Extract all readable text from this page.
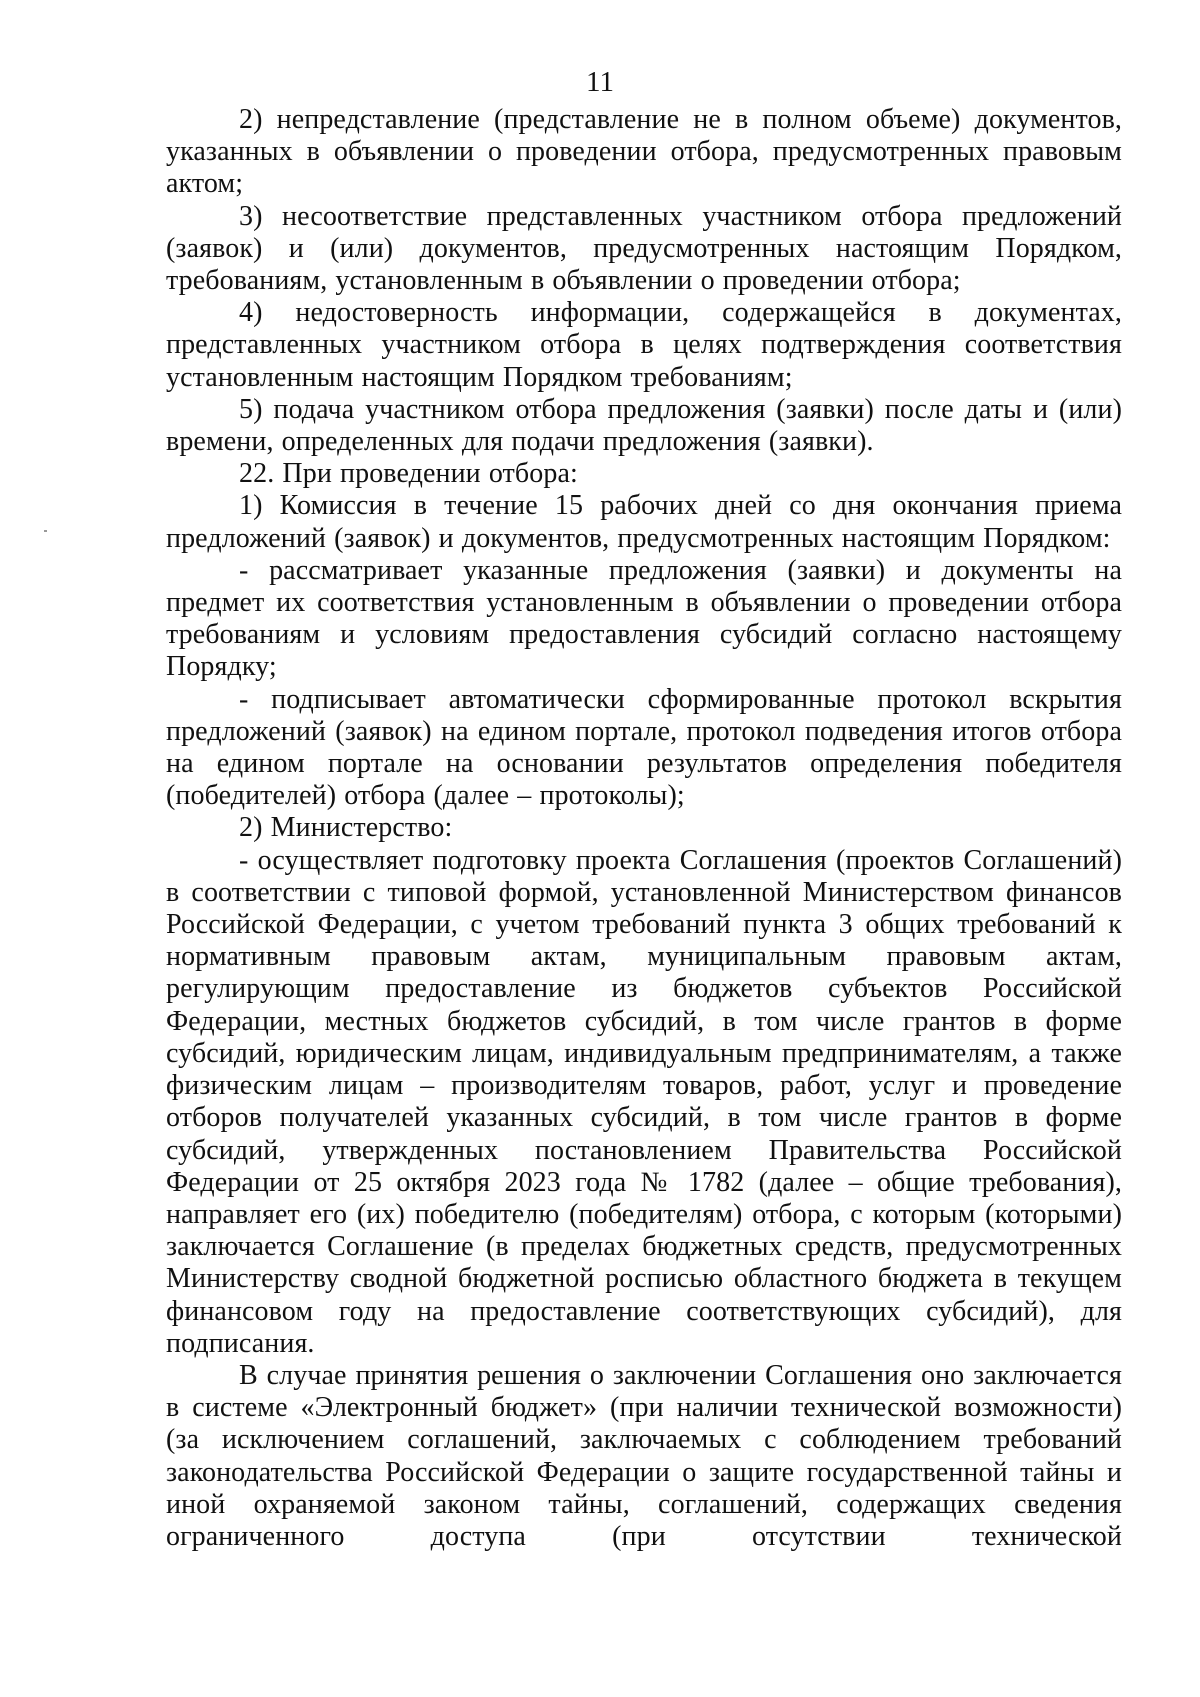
11

2) непредставление (представление не в полном объеме) документов, указанных в объявлении о проведении отбора, предусмотренных правовым актом;

3) несоответствие представленных участником отбора предложений (заявок) и (или) документов, предусмотренных настоящим Порядком, требованиям, установленным в объявлении о проведении отбора;

4) недостоверность информации, содержащейся в документах, представленных участником отбора в целях подтверждения соответствия установленным настоящим Порядком требованиям;

5) подача участником отбора предложения (заявки) после даты и (или) времени, определенных для подачи предложения (заявки).

22. При проведении отбора:

1) Комиссия в течение 15 рабочих дней со дня окончания приема предложений (заявок) и документов, предусмотренных настоящим Порядком:

- рассматривает указанные предложения (заявки) и документы на предмет их соответствия установленным в объявлении о проведении отбора требованиям и условиям предоставления субсидий согласно настоящему Порядку;

- подписывает автоматически сформированные протокол вскрытия предложений (заявок) на едином портале, протокол подведения итогов отбора на едином портале на основании результатов определения победителя (победителей) отбора (далее – протоколы);

2) Министерство:

- осуществляет подготовку проекта Соглашения (проектов Соглашений) в соответствии с типовой формой, установленной Министерством финансов Российской Федерации, с учетом требований пункта 3 общих требований к нормативным правовым актам, муниципальным правовым актам, регулирующим предоставление из бюджетов субъектов Российской Федерации, местных бюджетов субсидий, в том числе грантов в форме субсидий, юридическим лицам, индивидуальным предпринимателям, а также физическим лицам – производителям товаров, работ, услуг и проведение отборов получателей указанных субсидий, в том числе грантов в форме субсидий, утвержденных постановлением Правительства Российской Федерации от 25 октября 2023 года № 1782 (далее – общие требования), направляет его (их) победителю (победителям) отбора, с которым (которыми) заключается Соглашение (в пределах бюджетных средств, предусмотренных Министерству сводной бюджетной росписью областного бюджета в текущем финансовом году на предоставление соответствующих субсидий), для подписания.

В случае принятия решения о заключении Соглашения оно заключается в системе «Электронный бюджет» (при наличии технической возможности) (за исключением соглашений, заключаемых с соблюдением требований законодательства Российской Федерации о защите государственной тайны и иной охраняемой законом тайны, соглашений, содержащих сведения ограниченного доступа (при отсутствии технической
